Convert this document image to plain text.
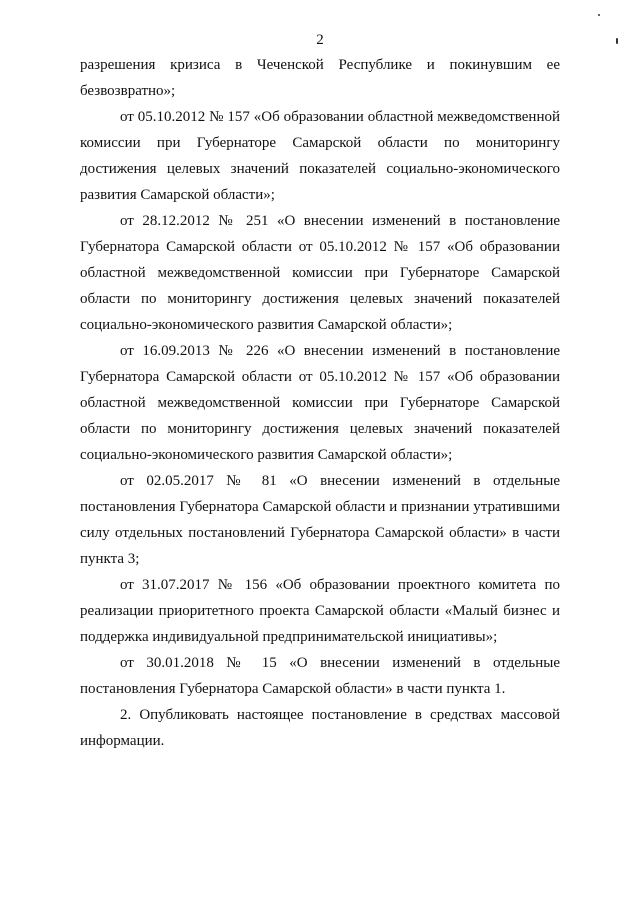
2

разрешения кризиса в Чеченской Республике и покинувшим ее безвозвратно»;

от 05.10.2012 № 157 «Об образовании областной межведомственной комиссии при Губернаторе Самарской области по мониторингу достижения целевых значений показателей социально-экономического развития Самарской области»;

от 28.12.2012 № 251 «О внесении изменений в постановление Губернатора Самарской области от 05.10.2012 № 157 «Об образовании областной межведомственной комиссии при Губернаторе Самарской области по мониторингу достижения целевых значений показателей социально-экономического развития Самарской области»;

от 16.09.2013 № 226 «О внесении изменений в постановление Губернатора Самарской области от 05.10.2012 № 157 «Об образовании областной межведомственной комиссии при Губернаторе Самарской области по мониторингу достижения целевых значений показателей социально-экономического развития Самарской области»;

от 02.05.2017 № 81 «О внесении изменений в отдельные постановления Губернатора Самарской области и признании утратившими силу отдельных постановлений Губернатора Самарской области» в части пункта 3;

от 31.07.2017 № 156 «Об образовании проектного комитета по реализации приоритетного проекта Самарской области «Малый бизнес и поддержка индивидуальной предпринимательской инициативы»;

от 30.01.2018 № 15 «О внесении изменений в отдельные постановления Губернатора Самарской области» в части пункта 1.

2. Опубликовать настоящее постановление в средствах массовой информации.
